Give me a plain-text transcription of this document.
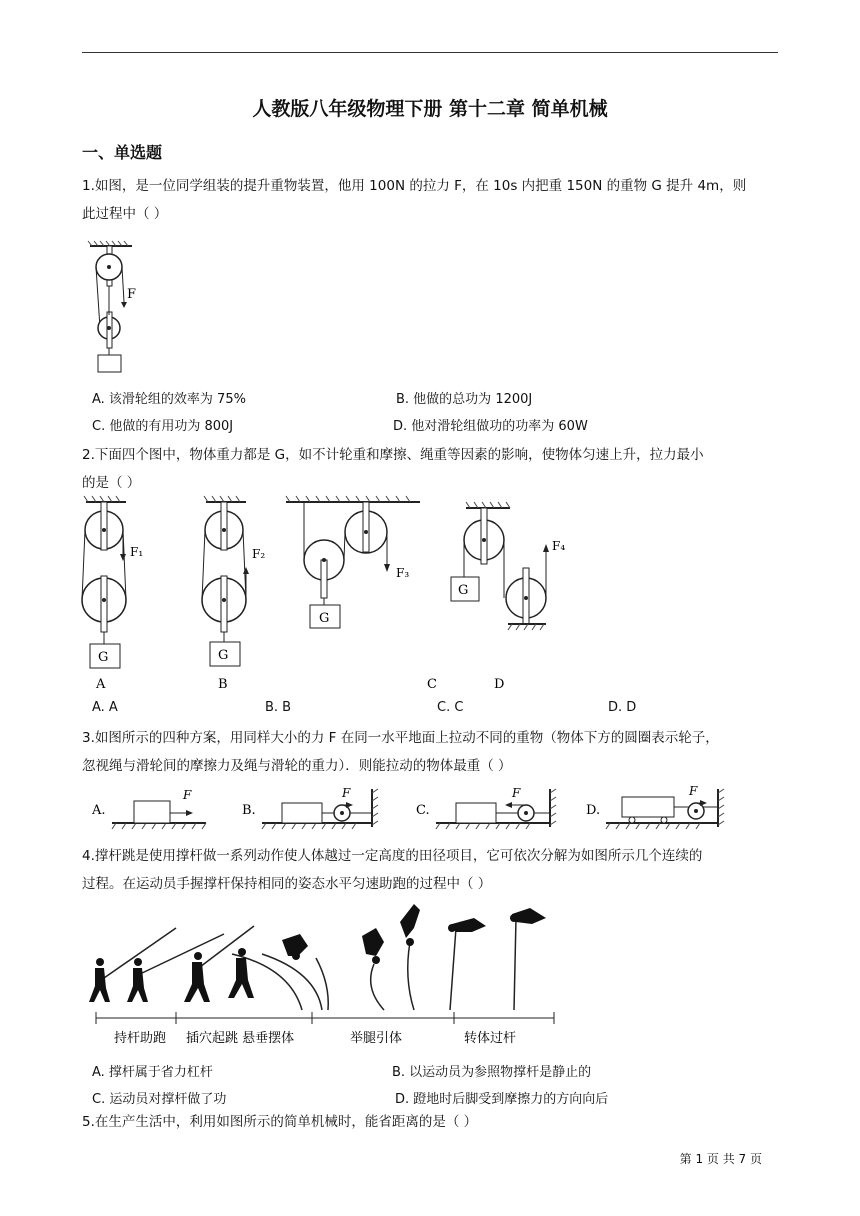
人教版八年级物理下册 第十二章 简单机械
一、单选题
1.如图，是一位同学组装的提升重物装置，他用 100N 的拉力 F，在 10s 内把重 150N 的重物 G 提升 4m，则
此过程中（ ）
F
A. 该滑轮组的效率为 75%	B. 他做的总功为 1200J
C. 他做的有用功为 800J	D. 他对滑轮组做功的功率为 60W
2.下面四个图中，物体重力都是 G，如不计轮重和摩擦、绳重等因素的影响，使物体匀速上升，拉力最小
的是（ ）
F₁
G
A
F₂
G
B
F₃
G
C
G
F₄
D
A. A	B. B	C. C	D. D
3.如图所示的四种方案，用同样大小的力 F 在同一水平地面上拉动不同的重物（物体下方的圆圈表示轮子，
忽视绳与滑轮间的摩擦力及绳与滑轮的重力）．则能拉动的物体最重（ ）
A.
F
B.
F
C.
F
D.
F
4.撑杆跳是使用撑杆做一系列动作使人体越过一定高度的田径项目，它可依次分解为如图所示几个连续的
过程。在运动员手握撑杆保持相同的姿态水平匀速助跑的过程中（ ）
持杆助跑 插穴起跳 悬垂摆体	举腿引体	转体过杆
A. 撑杆属于省力杠杆	B. 以运动员为参照物撑杆是静止的
C. 运动员对撑杆做了功	D. 蹬地时后脚受到摩擦力的方向向后
5.在生产生活中，利用如图所示的简单机械时，能省距离的是（ ）
第 1 页 共 7 页
